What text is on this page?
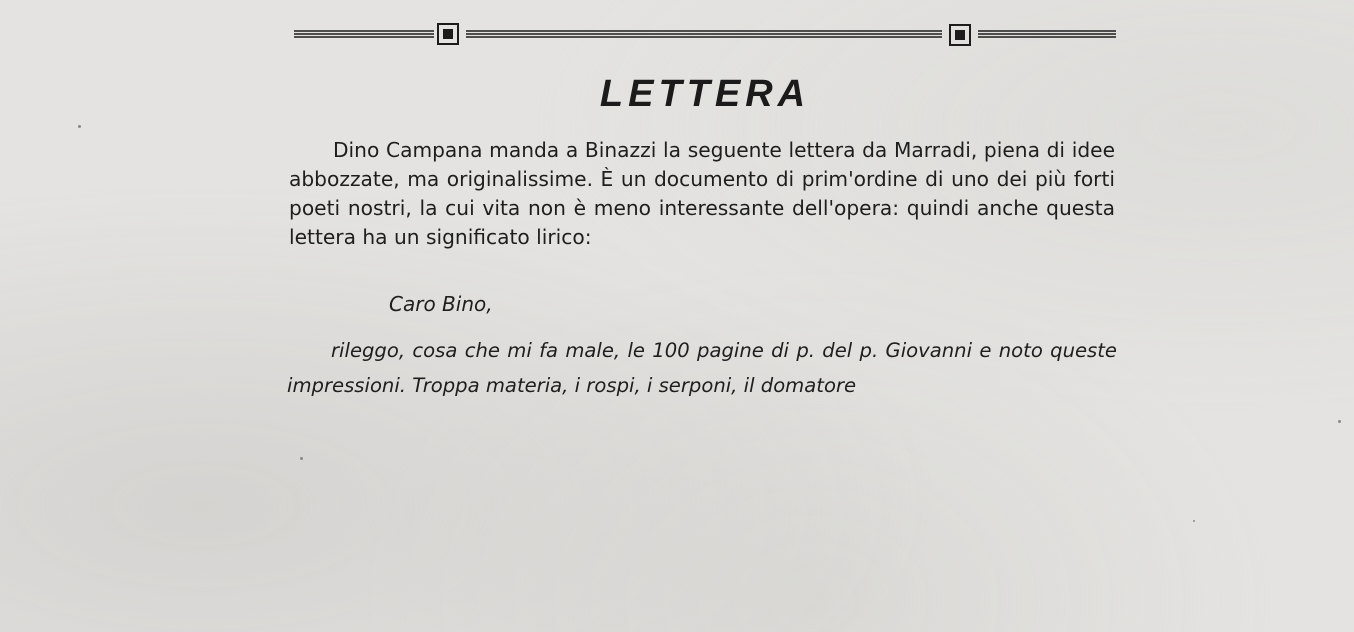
LETTERA

Dino Campana manda a Binazzi la seguente lettera da Marradi, piena di idee abbozzate, ma originalissime. È un documento di prim'ordine di uno dei più forti poeti nostri, la cui vita non è meno interessante dell'opera: quindi anche questa lettera ha un significato lirico:

Caro Bino,

rileggo, cosa che mi fa male, le 100 pagine di p. del p. Giovanni e noto queste impressioni. Troppa materia, i rospi, i serponi, il domatore
